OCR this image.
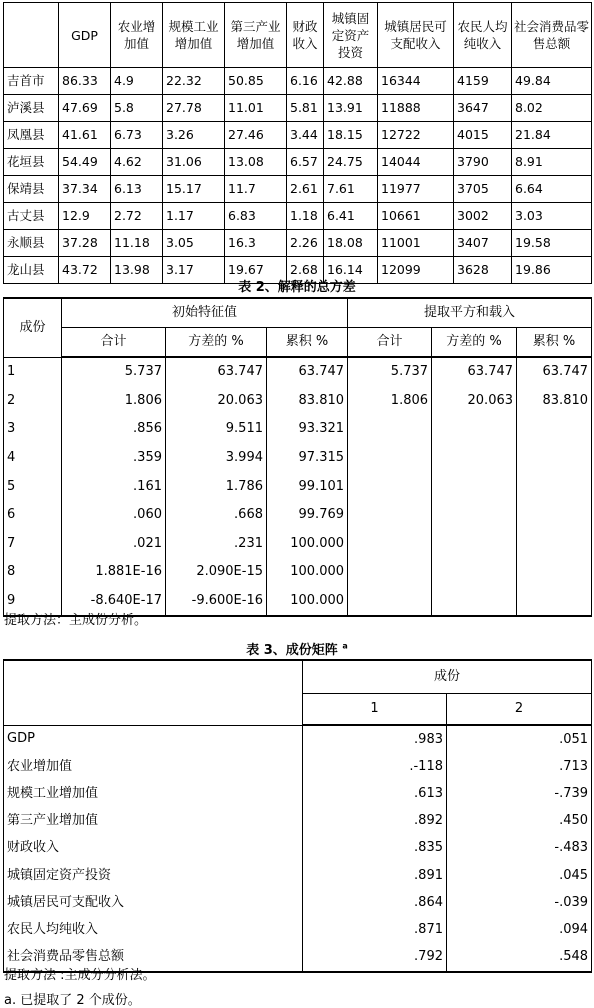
	GDP	农业增加值	规模工业增加值	第三产业增加值	财政收入	城镇固定资产投资	城镇居民可支配收入	农民人均纯收入	社会消费品零售总额
吉首市	86.33	4.9	22.32	50.85	6.16	42.88	16344	4159	49.84
泸溪县	47.69	5.8	27.78	11.01	5.81	13.91	11888	3647	8.02
凤凰县	41.61	6.73	3.26	27.46	3.44	18.15	12722	4015	21.84
花垣县	54.49	4.62	31.06	13.08	6.57	24.75	14044	3790	8.91
保靖县	37.34	6.13	15.17	11.7	2.61	7.61	11977	3705	6.64
古丈县	12.9	2.72	1.17	6.83	1.18	6.41	10661	3002	3.03
永顺县	37.28	11.18	3.05	16.3	2.26	18.08	11001	3407	19.58
龙山县	43.72	13.98	3.17	19.67	2.68	16.14	12099	3628	19.86
表 2、解释的总方差
成份	初始特征值			提取平方和载入		
	合计	方差的 %	累积 %	合计	方差的 %	累积 %
1	5.737	63.747	63.747	5.737	63.747	63.747
2	1.806	20.063	83.810	1.806	20.063	83.810
3	.856	9.511	93.321			
4	.359	3.994	97.315			
5	.161	1.786	99.101			
6	.060	.668	99.769			
7	.021	.231	100.000			
8	1.881E-16	2.090E-15	100.000			
9	-8.640E-17	-9.600E-16	100.000			
提取方法：主成份分析。
表 3、成份矩阵 $^a$
	成份	
	1	2
GDP	.983	.051
农业增加值	.-118	.713
规模工业增加值	.613	-.739
第三产业增加值	.892	.450
财政收入	.835	-.483
城镇固定资产投资	.891	.045
城镇居民可支配收入	.864	-.039
农民人均纯收入	.871	.094
社会消费品零售总额	.792	.548
提取方法 :主成分分析法。
a. 已提取了 2 个成份。
